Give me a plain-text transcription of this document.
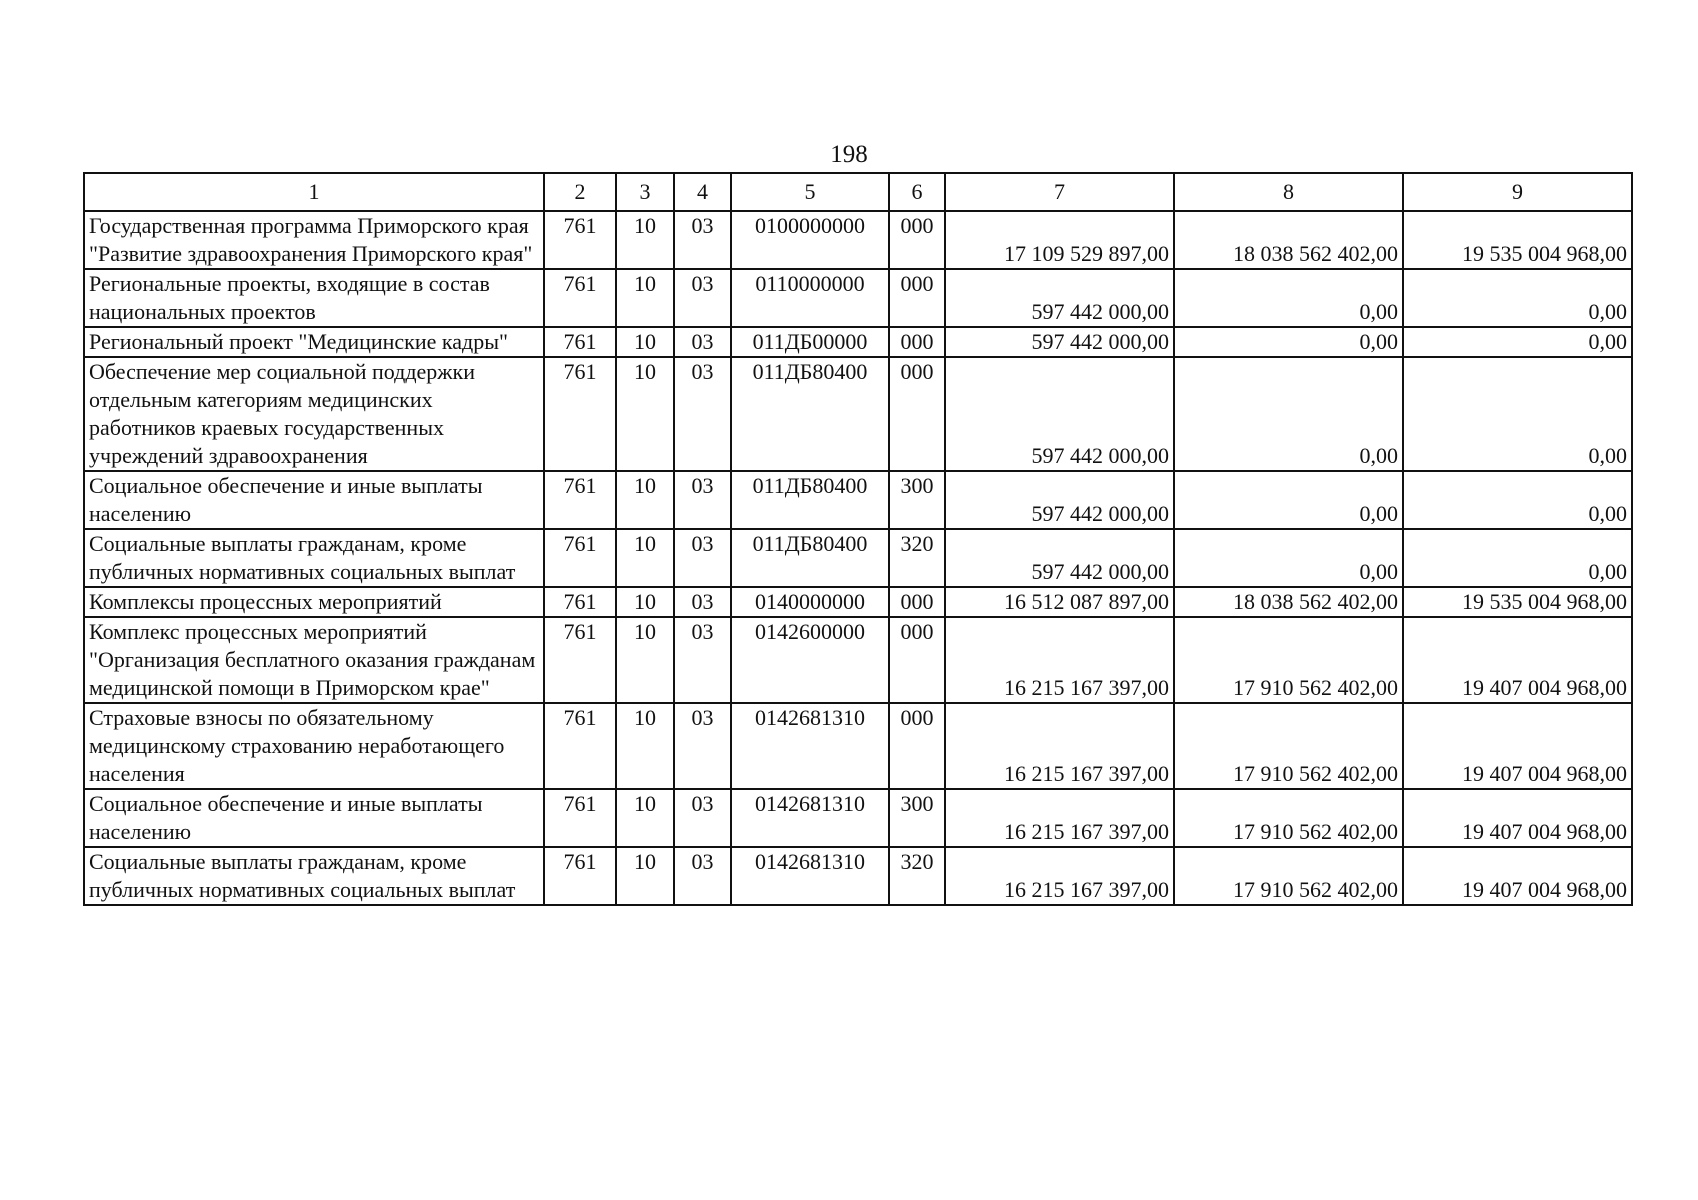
198
1	2	3	4	5	6	7	8	9
Государственная программа Приморского края "Развитие здравоохранения Приморского края"	761	10	03	0100000000	000	17 109 529 897,00	18 038 562 402,00	19 535 004 968,00
Региональные проекты, входящие в состав национальных проектов	761	10	03	0110000000	000	597 442 000,00	0,00	0,00
Региональный проект "Медицинские кадры"	761	10	03	011ДБ00000	000	597 442 000,00	0,00	0,00
Обеспечение мер социальной поддержки отдельным категориям медицинских работников краевых государственных учреждений здравоохранения	761	10	03	011ДБ80400	000	597 442 000,00	0,00	0,00
Социальное обеспечение и иные выплаты населению	761	10	03	011ДБ80400	300	597 442 000,00	0,00	0,00
Социальные выплаты гражданам, кроме публичных нормативных социальных выплат	761	10	03	011ДБ80400	320	597 442 000,00	0,00	0,00
Комплексы процессных мероприятий	761	10	03	0140000000	000	16 512 087 897,00	18 038 562 402,00	19 535 004 968,00
Комплекс процессных мероприятий "Организация бесплатного оказания гражданам медицинской помощи в Приморском крае"	761	10	03	0142600000	000	16 215 167 397,00	17 910 562 402,00	19 407 004 968,00
Страховые взносы по обязательному медицинскому страхованию неработающего населения	761	10	03	0142681310	000	16 215 167 397,00	17 910 562 402,00	19 407 004 968,00
Социальное обеспечение и иные выплаты населению	761	10	03	0142681310	300	16 215 167 397,00	17 910 562 402,00	19 407 004 968,00
Социальные выплаты гражданам, кроме публичных нормативных социальных выплат	761	10	03	0142681310	320	16 215 167 397,00	17 910 562 402,00	19 407 004 968,00
